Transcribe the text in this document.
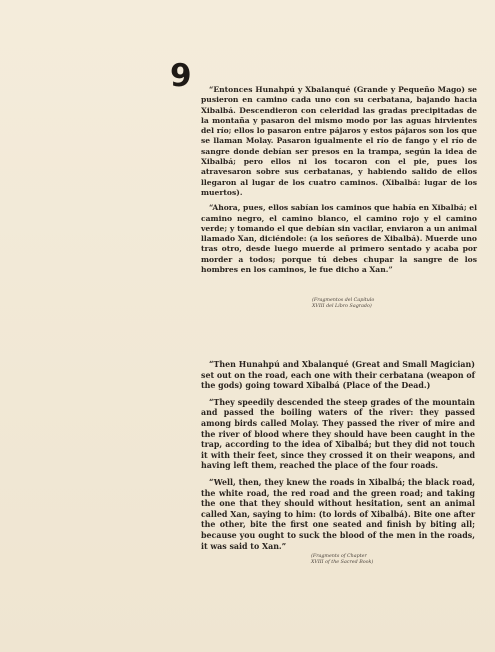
9	“Entonces Hunahpú y Xbalanqué (Grande y Pequeño Mago) se pusieron en camino cada uno con su cerbatana, bajando hacia Xibalbá. Descendieron con celeridad las gradas precipitadas de la montaña y pasaron del mismo modo por las aguas hirvientes del río; ellos lo pasaron entre pájaros y estos pájaros son los que se llaman Molay. Pasaron igualmente el río de fango y el río de sangre donde debían ser presos en la trampa, según la idea de Xibalbá; pero ellos ni los tocaron con el pie, pues los atravesaron sobre sus cerbatanas, y habiendo salido de ellos llegaron al lugar de los cuatro caminos. (Xibalbá: lugar de los muertos).

“Ahora, pues, ellos sabían los caminos que había en Xibalbá; el camino negro, el camino blanco, el camino rojo y el camino verde; y tomando el que debían sin vacilar, enviaron a un animal llamado Xan, diciéndole: (a los señores de Xibalbá). Muerde uno tras otro, desde luego muerde al primero sentado y acaba por morder a todos; porque tú debes chupar la sangre de los hombres en los caminos, le fue dicho a Xan.”

(Fragmentos del Capítulo
XVIII del Libro Sagrado)

“Then Hunahpú and Xbalanqué (Great and Small Magician) set out on the road, each one with their cerbatana (weapon of the gods) going toward Xibalbá (Place of the Dead.)

“They speedily descended the steep grades of the mountain and passed the boiling waters of the river: they passed among birds called Molay. They passed the river of mire and the river of blood where they should have been caught in the trap, according to the idea of Xibalbá; but they did not touch it with their feet, since they crossed it on their weapons, and having left them, reached the place of the four roads.

“Well, then, they knew the roads in Xibalbá; the black road, the white road, the red road and the green road; and taking the one that they should without hesitation, sent an animal called Xan, saying to him: (to lords of Xibalbá). Bite one after the other, bite the first one seated and finish by biting all; because you ought to suck the blood of the men in the roads, it was said to Xan.”

(Fragments of Chapter
XVIII of the Sacred Book)
